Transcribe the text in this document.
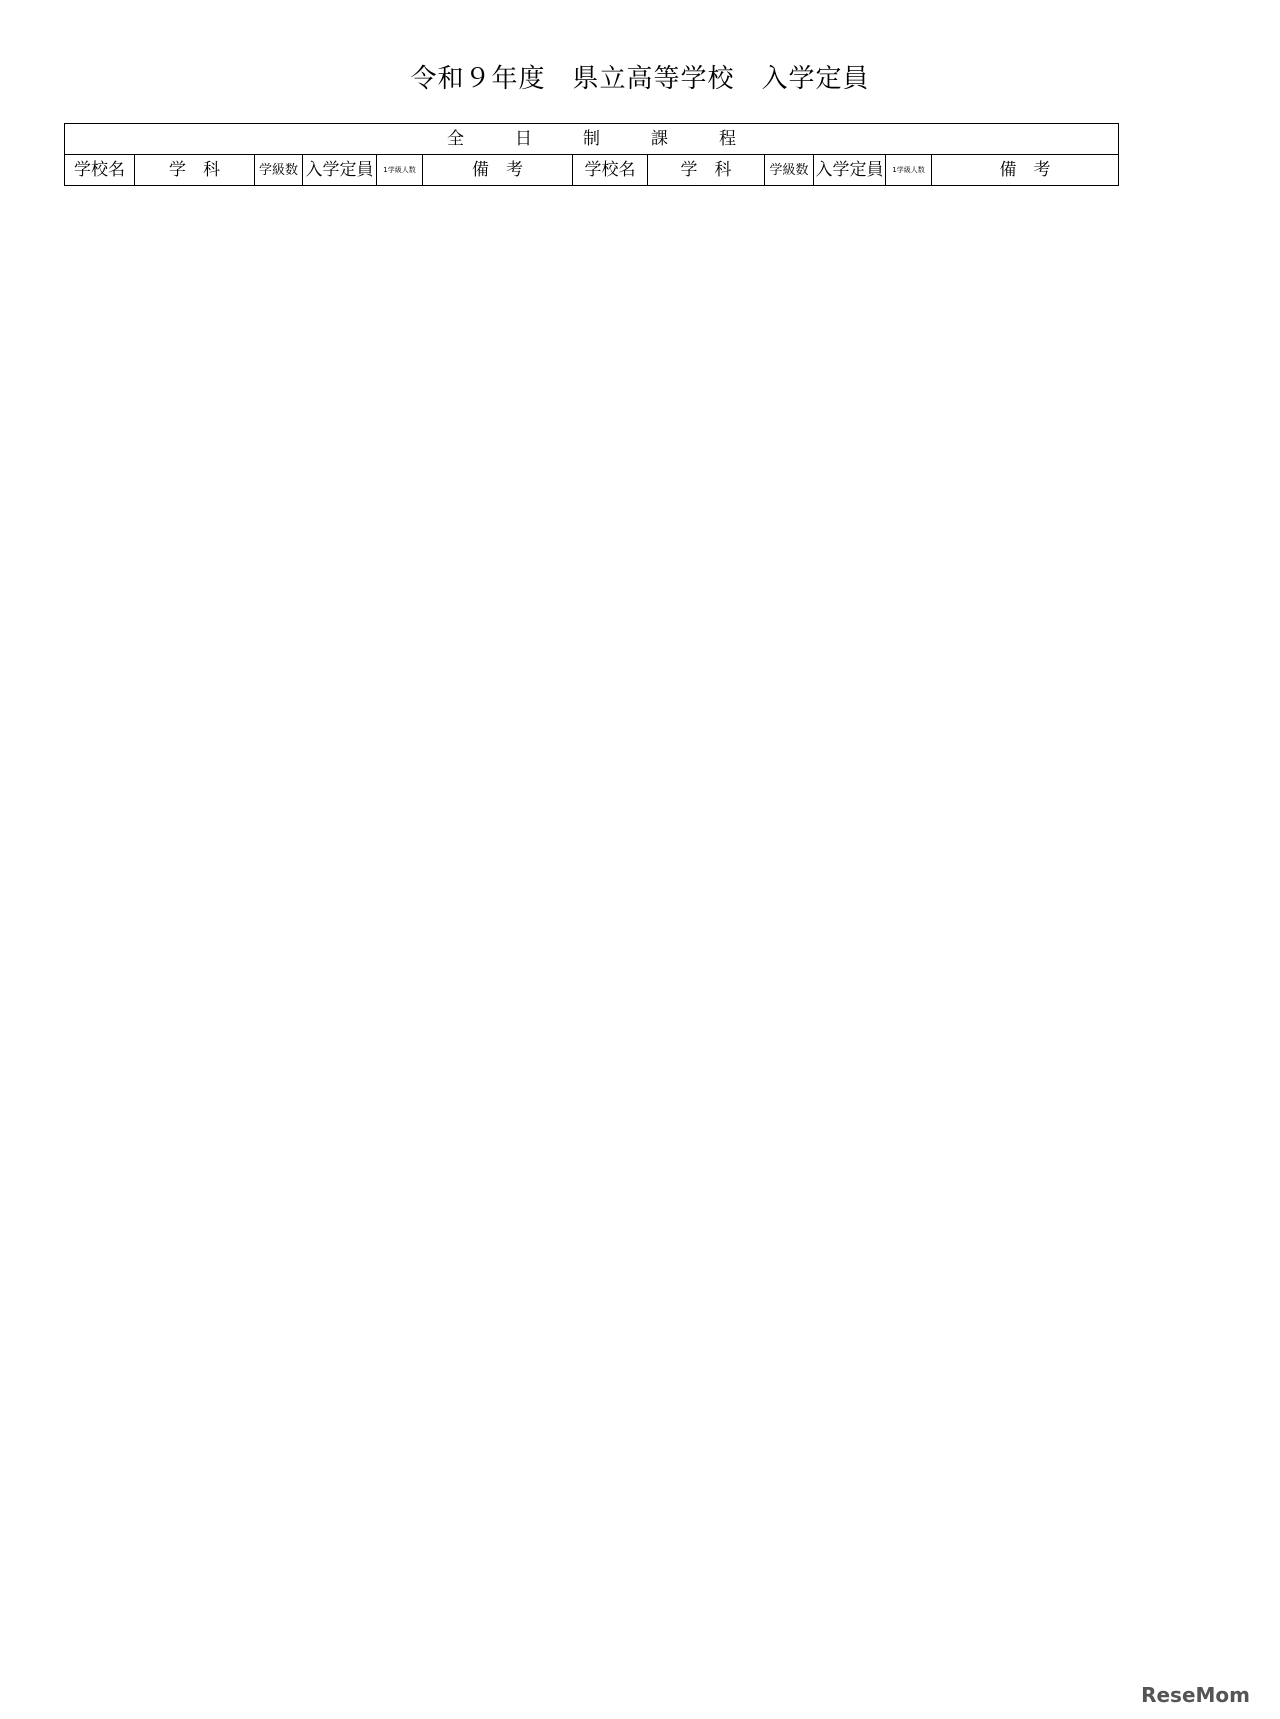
令和９年度　県立高等学校　入学定員
全　　　日　　　制　　　課　　　程
学校名	学　科	学級数	入学定員	1学級人数	備　考	学校名	学　科	学級数	入学定員	1学級人数	備　考

ReseMom
